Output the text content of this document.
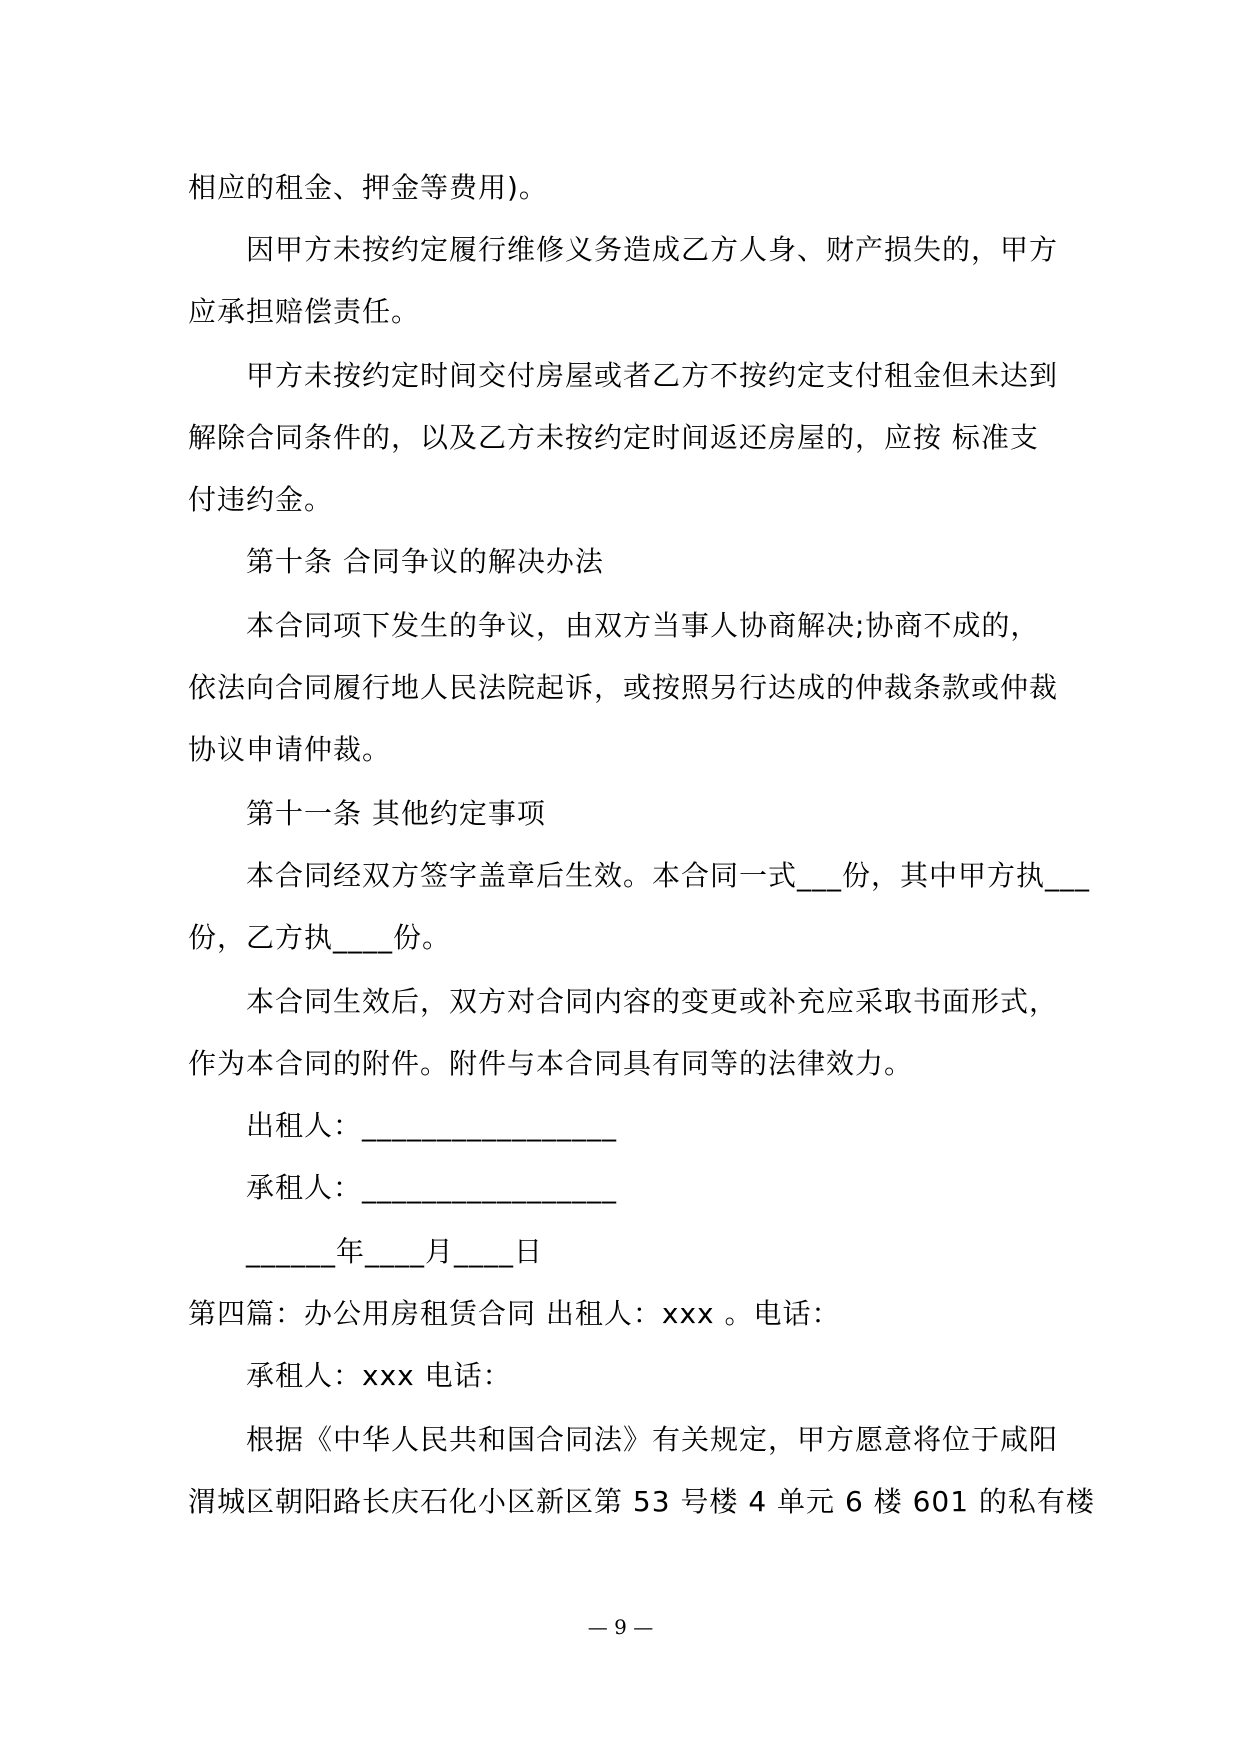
相应的租金、押金等费用)。
因甲方未按约定履行维修义务造成乙方人身、财产损失的，甲方
应承担赔偿责任。
甲方未按约定时间交付房屋或者乙方不按约定支付租金但未达到
解除合同条件的，以及乙方未按约定时间返还房屋的，应按 标准支
付违约金。
第十条 合同争议的解决办法
本合同项下发生的争议，由双方当事人协商解决;协商不成的，
依法向合同履行地人民法院起诉，或按照另行达成的仲裁条款或仲裁
协议申请仲裁。
第十一条 其他约定事项
本合同经双方签字盖章后生效。本合同一式___份，其中甲方执___
份，乙方执____份。
本合同生效后，双方对合同内容的变更或补充应采取书面形式，
作为本合同的附件。附件与本合同具有同等的法律效力。
出租人：_________________
承租人：_________________
______年____月____日
第四篇：办公用房租赁合同 出租人：xxx 。电话：
承租人：xxx 电话：
根据《中华人民共和国合同法》有关规定，甲方愿意将位于咸阳
渭城区朝阳路长庆石化小区新区第 53 号楼 4 单元 6 楼 601 的私有楼
— 9 —
